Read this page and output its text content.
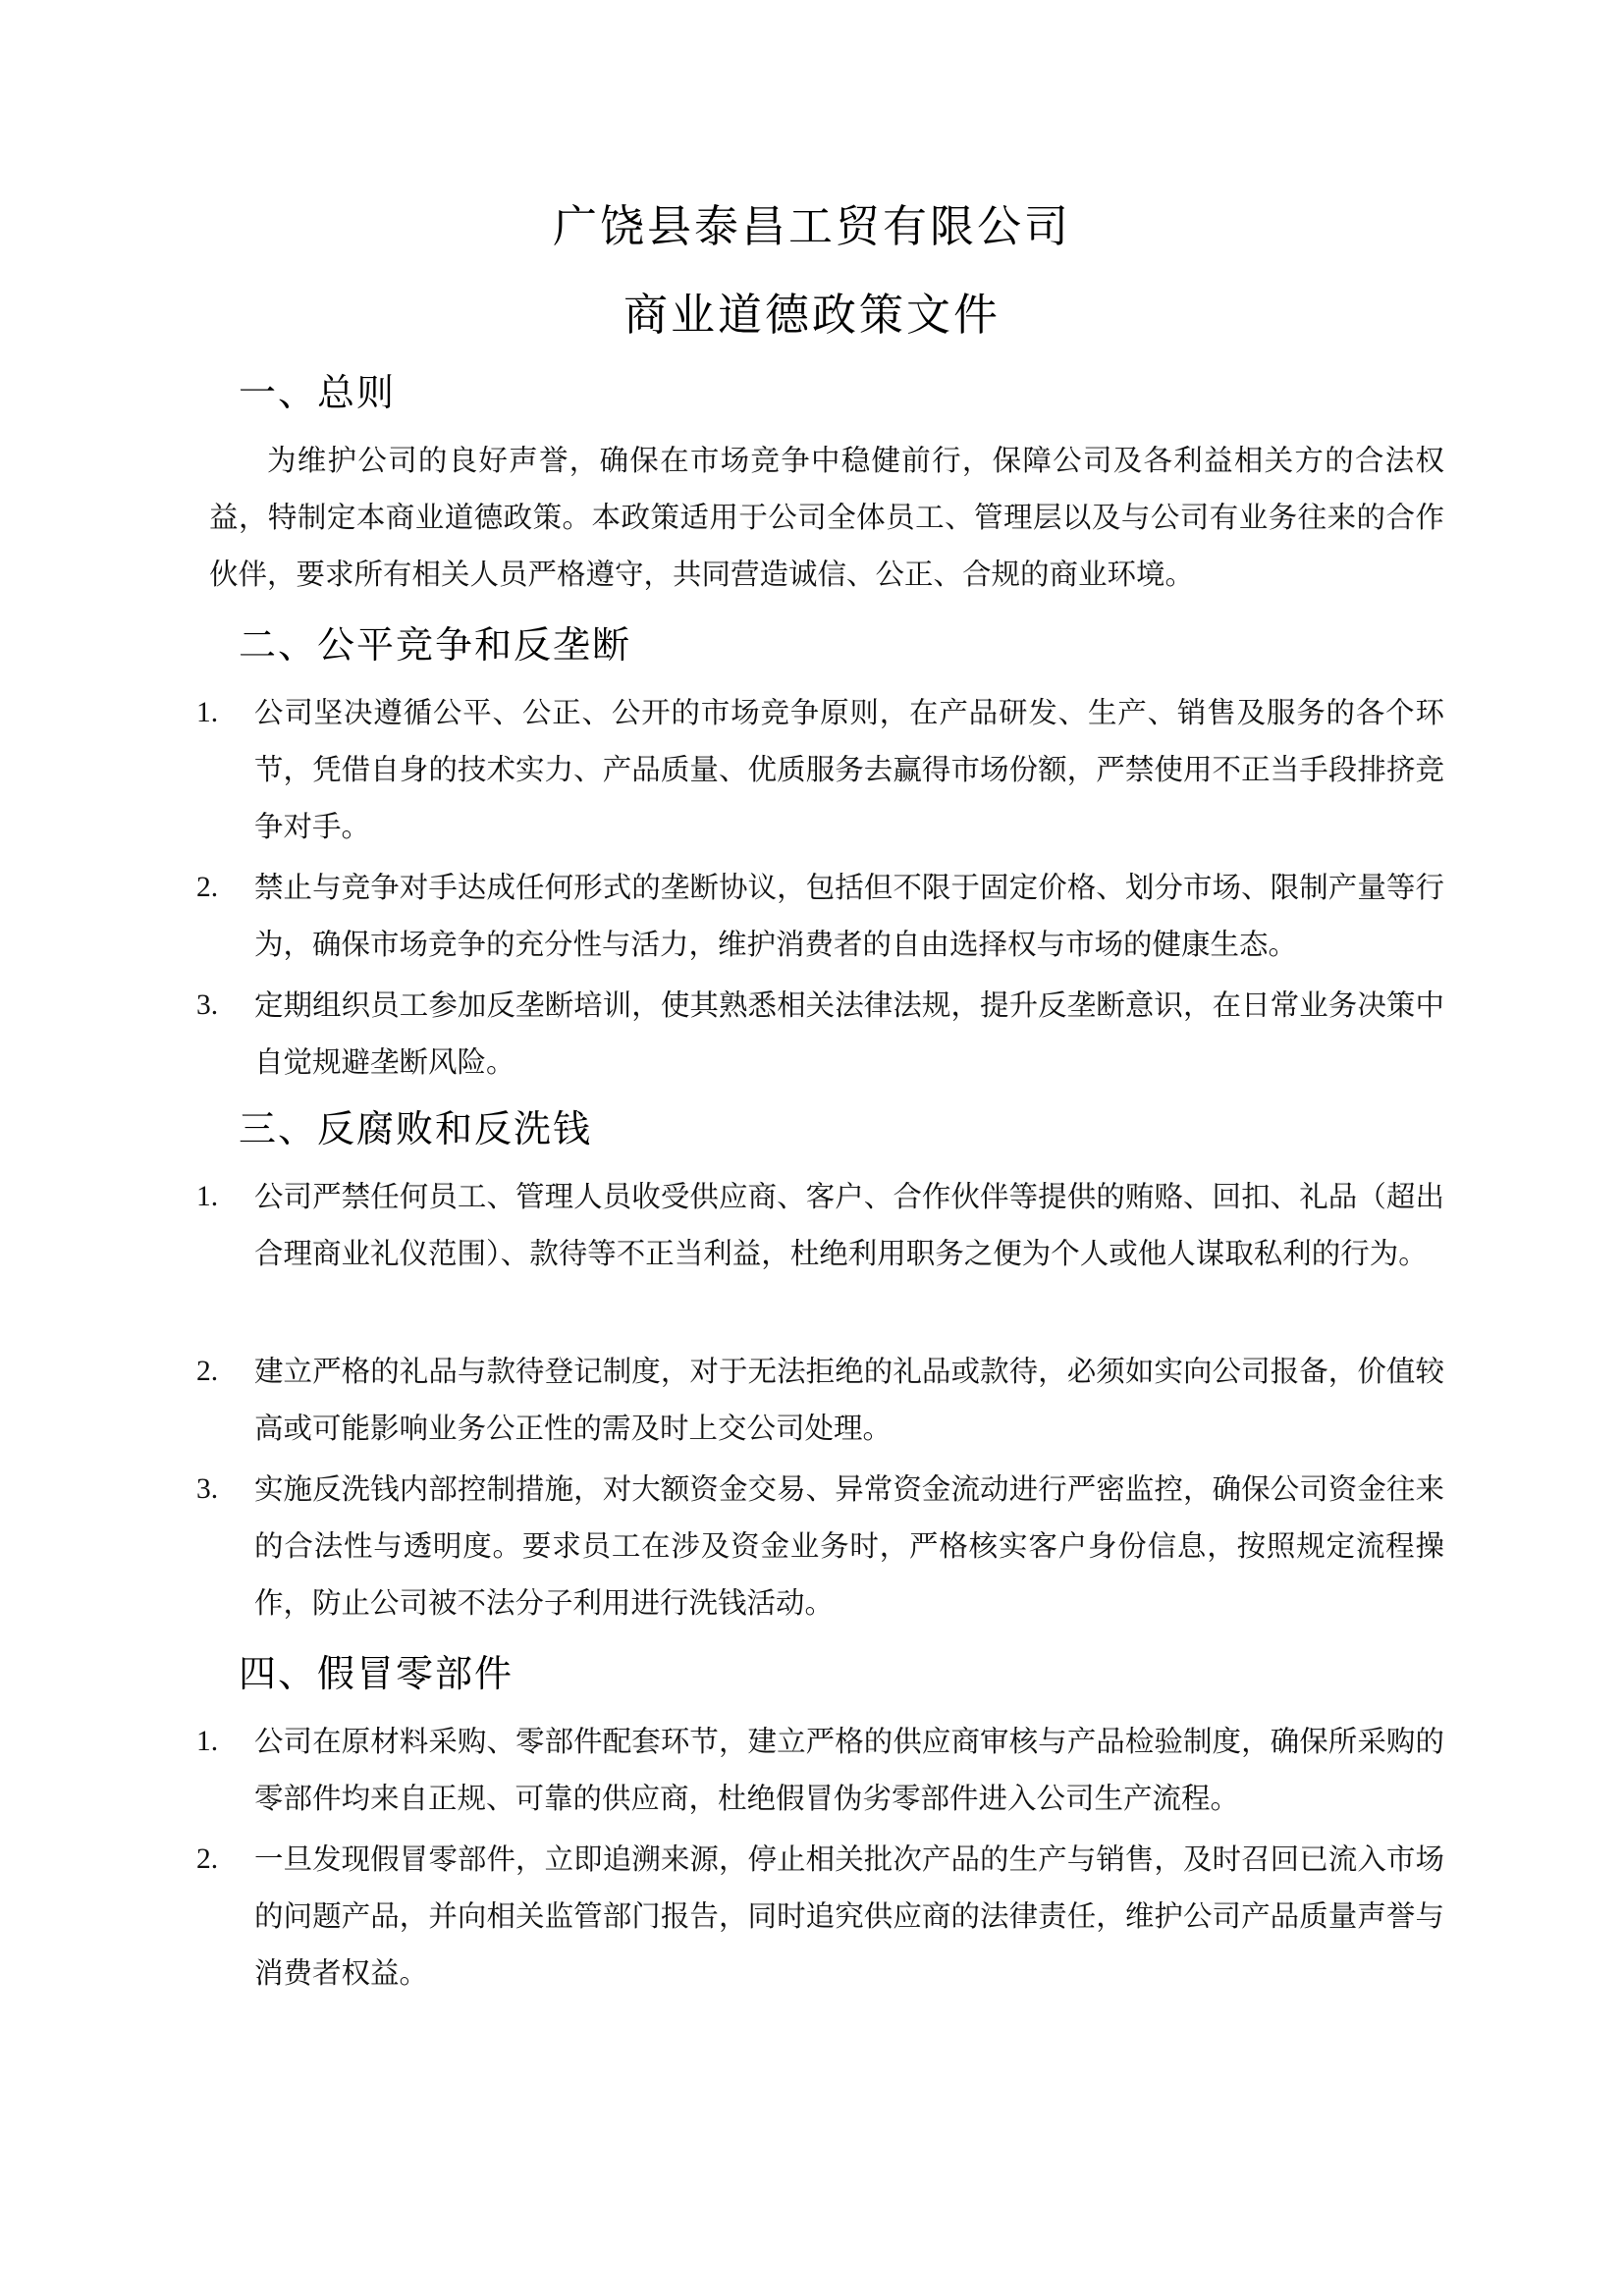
广饶县泰昌工贸有限公司
商业道德政策文件
一、总则

为维护公司的良好声誉，确保在市场竞争中稳健前行，保障公司及各利益相关方的合法权益，特制定本商业道德政策。本政策适用于公司全体员工、管理层以及与公司有业务往来的合作伙伴，要求所有相关人员严格遵守，共同营造诚信、公正、合规的商业环境。

二、公平竞争和反垄断
1.	公司坚决遵循公平、公正、公开的市场竞争原则，在产品研发、生产、销售及服务的各个环节，凭借自身的技术实力、产品质量、优质服务去赢得市场份额，严禁使用不正当手段排挤竞争对手。
2.	禁止与竞争对手达成任何形式的垄断协议，包括但不限于固定价格、划分市场、限制产量等行为，确保市场竞争的充分性与活力，维护消费者的自由选择权与市场的健康生态。
3.	定期组织员工参加反垄断培训，使其熟悉相关法律法规，提升反垄断意识，在日常业务决策中自觉规避垄断风险。
三、反腐败和反洗钱
1.	公司严禁任何员工、管理人员收受供应商、客户、合作伙伴等提供的贿赂、回扣、礼品（超出合理商业礼仪范围）、款待等不正当利益，杜绝利用职务之便为个人或他人谋取私利的行为。
2.	建立严格的礼品与款待登记制度，对于无法拒绝的礼品或款待，必须如实向公司报备，价值较高或可能影响业务公正性的需及时上交公司处理。
3.	实施反洗钱内部控制措施，对大额资金交易、异常资金流动进行严密监控，确保公司资金往来的合法性与透明度。要求员工在涉及资金业务时，严格核实客户身份信息，按照规定流程操作，防止公司被不法分子利用进行洗钱活动。
四、假冒零部件
1.	公司在原材料采购、零部件配套环节，建立严格的供应商审核与产品检验制度，确保所采购的零部件均来自正规、可靠的供应商，杜绝假冒伪劣零部件进入公司生产流程。
2.	一旦发现假冒零部件，立即追溯来源，停止相关批次产品的生产与销售，及时召回已流入市场的问题产品，并向相关监管部门报告，同时追究供应商的法律责任，维护公司产品质量声誉与消费者权益。
